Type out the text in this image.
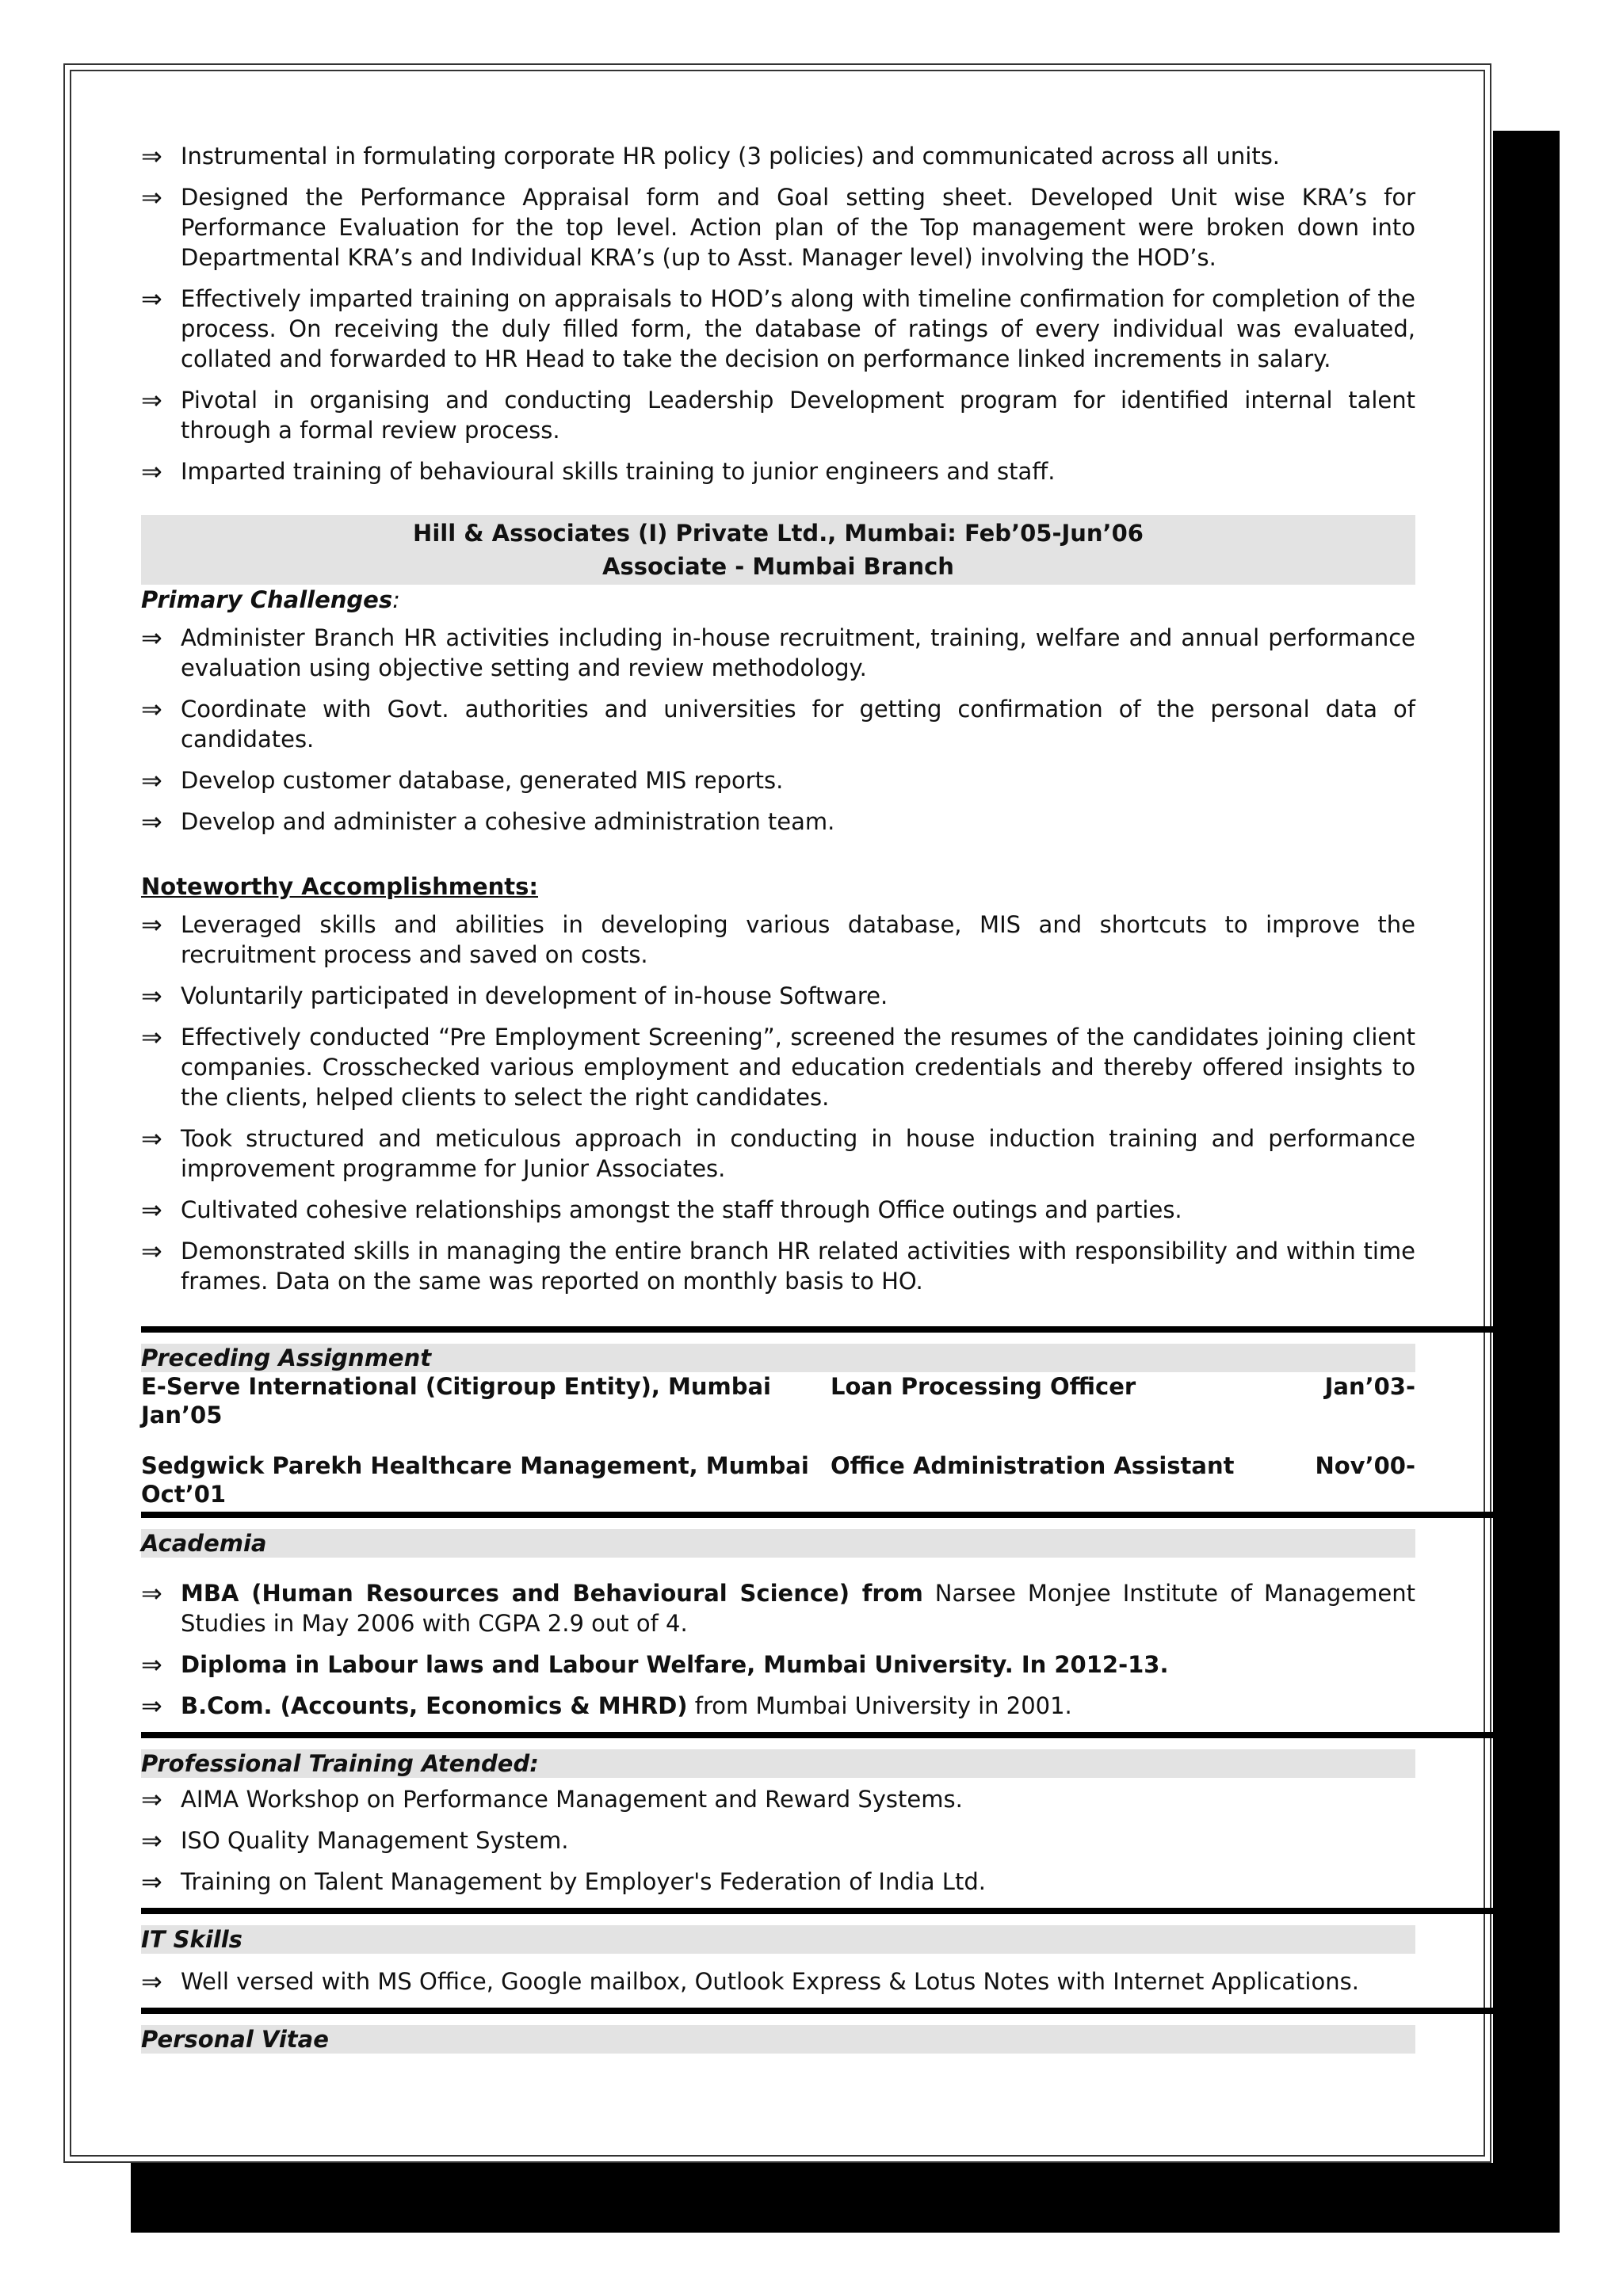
⇒ Instrumental in formulating corporate HR policy (3 policies) and communicated across all units.
⇒ Designed the Performance Appraisal form and Goal setting sheet. Developed Unit wise KRA’s for Performance Evaluation for the top level. Action plan of the Top management were broken down into Departmental KRA’s and Individual KRA’s (up to Asst. Manager level) involving the HOD’s.
⇒ Effectively imparted training on appraisals to HOD’s along with timeline confirmation for completion of the process. On receiving the duly filled form, the database of ratings of every individual was evaluated, collated and forwarded to HR Head to take the decision on performance linked increments in salary.
⇒ Pivotal in organising and conducting Leadership Development program for identified internal talent through a formal review process.
⇒ Imparted training of behavioural skills training to junior engineers and staff.
Hill & Associates (I) Private Ltd., Mumbai: Feb’05-Jun’06
Associate - Mumbai Branch
Primary Challenges:
⇒ Administer Branch HR activities including in-house recruitment, training, welfare and annual performance evaluation using objective setting and review methodology.
⇒ Coordinate with Govt. authorities and universities for getting confirmation of the personal data of candidates.
⇒ Develop customer database, generated MIS reports.
⇒ Develop and administer a cohesive administration team.
Noteworthy Accomplishments:
⇒ Leveraged skills and abilities in developing various database, MIS and shortcuts to improve the recruitment process and saved on costs.
⇒ Voluntarily participated in development of in-house Software.
⇒ Effectively conducted “Pre Employment Screening”, screened the resumes of the candidates joining client companies. Crosschecked various employment and education credentials and thereby offered insights to the clients, helped clients to select the right candidates.
⇒ Took structured and meticulous approach in conducting in house induction training and performance improvement programme for Junior Associates.
⇒ Cultivated cohesive relationships amongst the staff through Office outings and parties.
⇒ Demonstrated skills in managing the entire branch HR related activities with responsibility and within time frames. Data on the same was reported on monthly basis to HO.
Preceding Assignment
E-Serve International (Citigroup Entity), Mumbai	Loan Processing Officer	Jan’03-
Jan’05
Sedgwick Parekh Healthcare Management, Mumbai Office Administration Assistant	Nov’00-
Oct’01
Academia
⇒ MBA (Human Resources and Behavioural Science) from Narsee Monjee Institute of Management Studies in May 2006 with CGPA 2.9 out of 4.
⇒ Diploma in Labour laws and Labour Welfare, Mumbai University. In 2012-13.
⇒ B.Com. (Accounts, Economics & MHRD) from Mumbai University in 2001.
Professional Training Atended:
⇒ AIMA Workshop on Performance Management and Reward Systems.
⇒ ISO Quality Management System.
⇒ Training on Talent Management by Employer's Federation of India Ltd.
IT Skills
⇒ Well versed with MS Office, Google mailbox, Outlook Express & Lotus Notes with Internet Applications.
Personal Vitae
